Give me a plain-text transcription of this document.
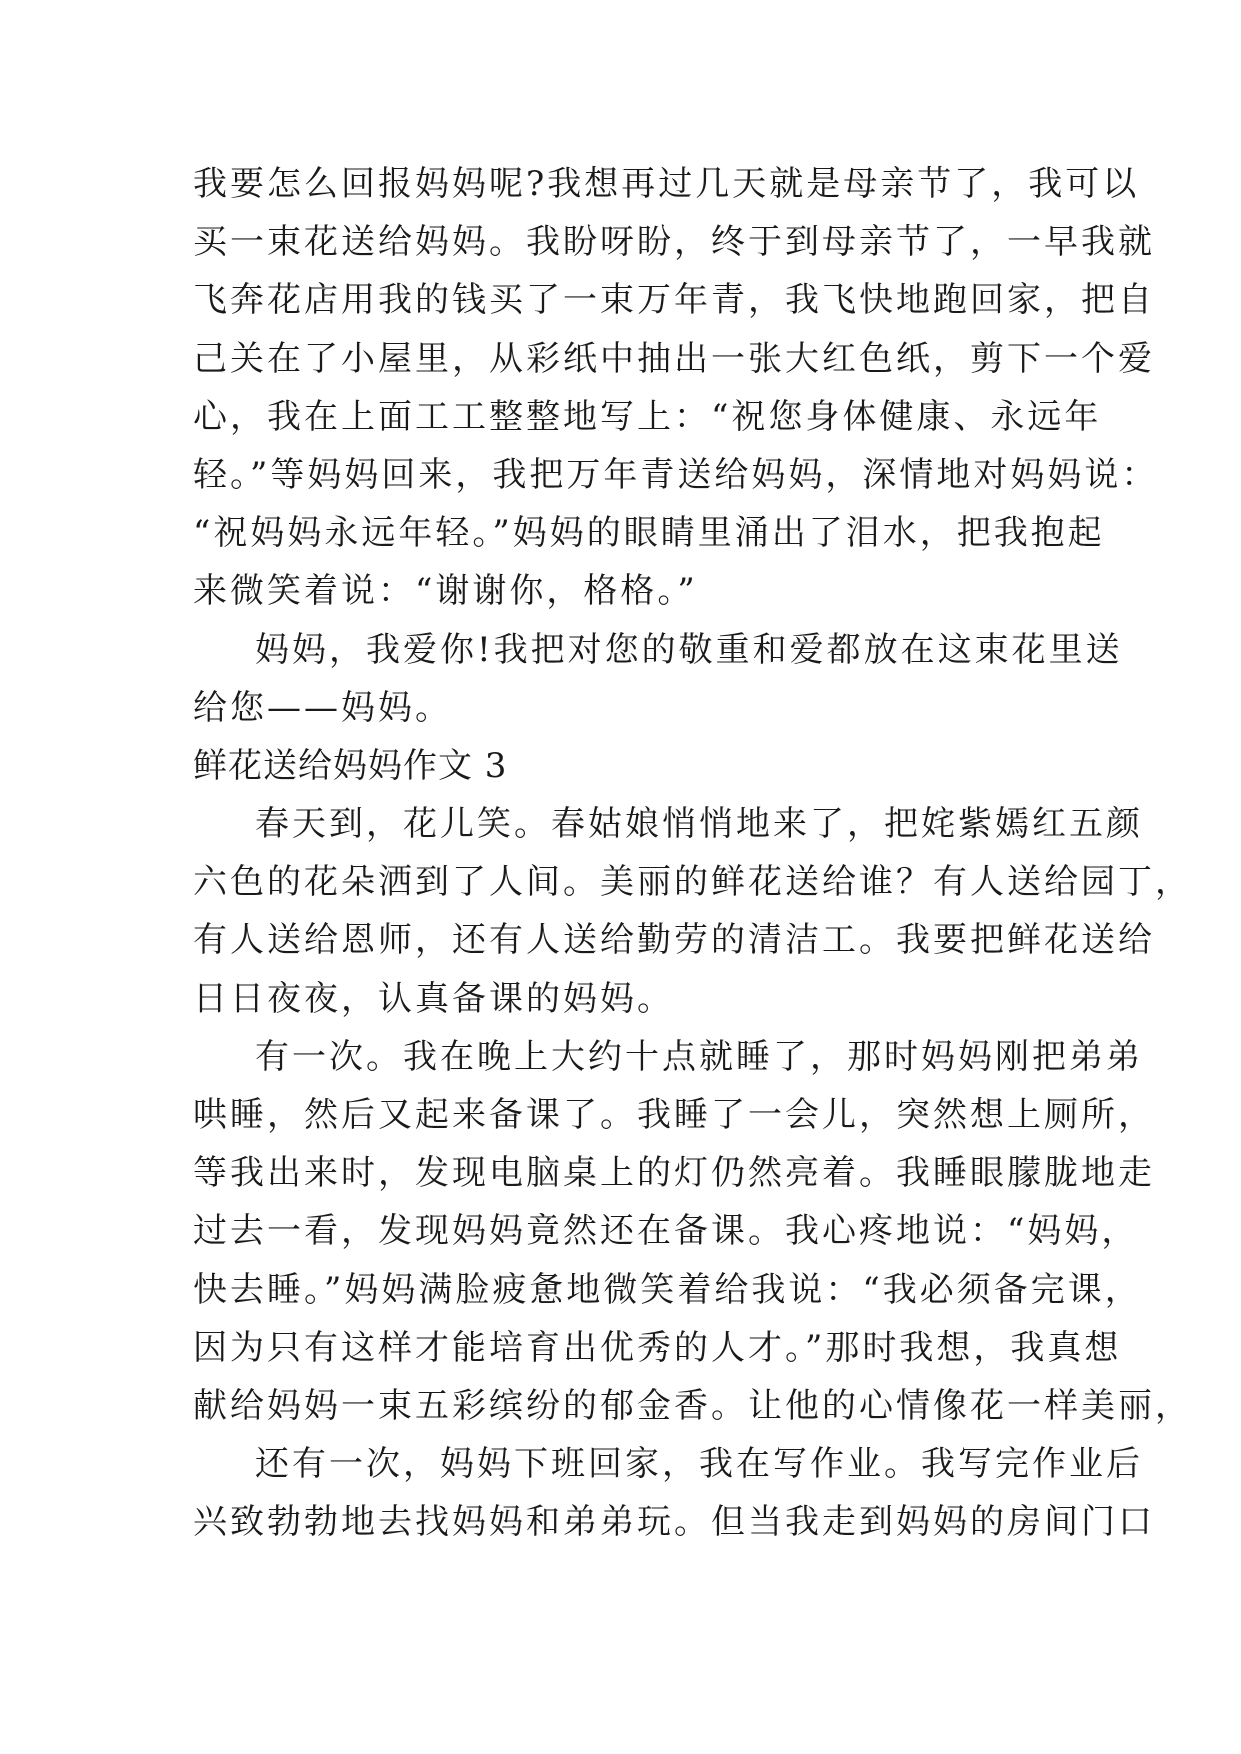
我要怎么回报妈妈呢?我想再过几天就是母亲节了，我可以
买一束花送给妈妈。我盼呀盼，终于到母亲节了，一早我就
飞奔花店用我的钱买了一束万年青，我飞快地跑回家，把自
己关在了小屋里，从彩纸中抽出一张大红色纸，剪下一个爱
心，我在上面工工整整地写上：“祝您身体健康、永远年
轻。”等妈妈回来，我把万年青送给妈妈，深情地对妈妈说：
“祝妈妈永远年轻。”妈妈的眼睛里涌出了泪水，把我抱起
来微笑着说：“谢谢你，格格。”
妈妈，我爱你!我把对您的敬重和爱都放在这束花里送
给您——妈妈。
鲜花送给妈妈作文 3
春天到，花儿笑。春姑娘悄悄地来了，把姹紫嫣红五颜
六色的花朵洒到了人间。美丽的鲜花送给谁？有人送给园丁，
有人送给恩师，还有人送给勤劳的清洁工。我要把鲜花送给
日日夜夜，认真备课的妈妈。
有一次。我在晚上大约十点就睡了，那时妈妈刚把弟弟
哄睡，然后又起来备课了。我睡了一会儿，突然想上厕所，
等我出来时，发现电脑桌上的灯仍然亮着。我睡眼朦胧地走
过去一看，发现妈妈竟然还在备课。我心疼地说：“妈妈，
快去睡。”妈妈满脸疲惫地微笑着给我说：“我必须备完课，
因为只有这样才能培育出优秀的人才。”那时我想，我真想
献给妈妈一束五彩缤纷的郁金香。让他的心情像花一样美丽，
还有一次，妈妈下班回家，我在写作业。我写完作业后
兴致勃勃地去找妈妈和弟弟玩。但当我走到妈妈的房间门口
